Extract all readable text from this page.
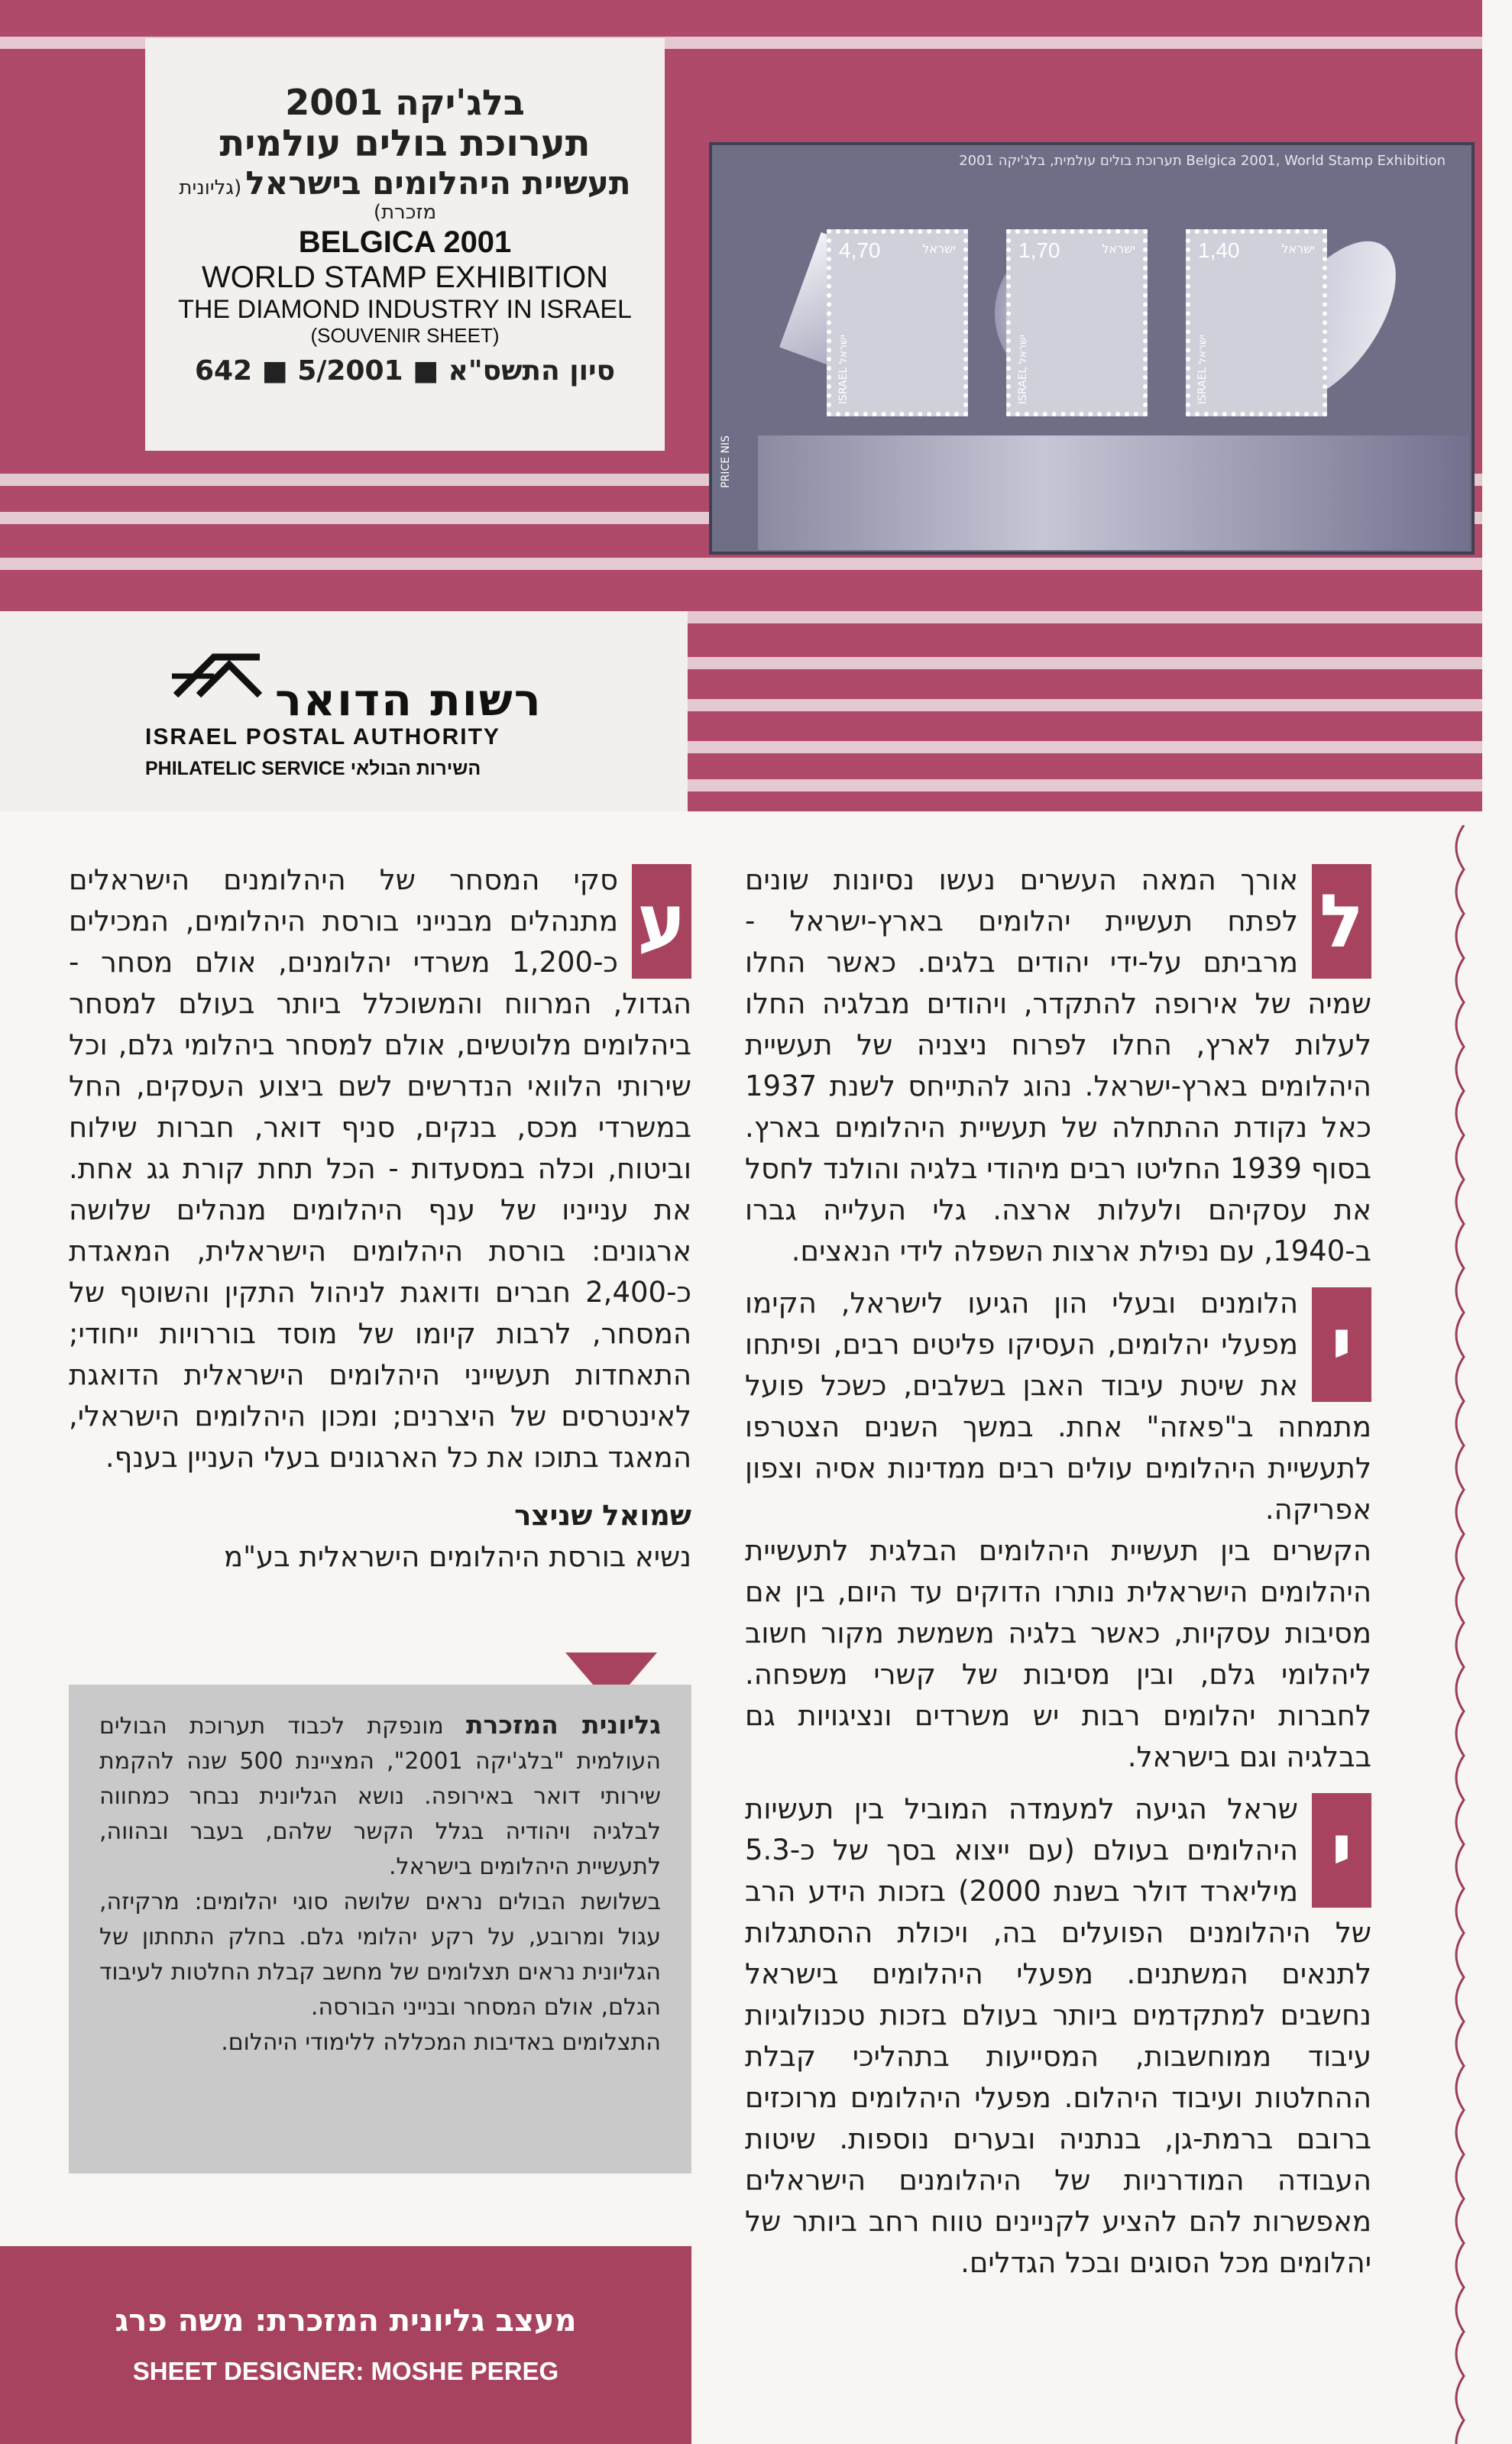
בלג'יקה 2001
תערוכת בולים עולמית
תעשיית היהלומים בישראל (גליונית מזכרת)
BELGICA 2001
WORLD STAMP EXHIBITION
THE DIAMOND INDUSTRY IN ISRAEL
(SOUVENIR SHEET)
סיון התשס"א ■ 5/2001 ■ 642
Belgica 2001, World Stamp Exhibition תערוכת בולים עולמית, בלג'יקה 2001
4,70	ישראל
ISRAEL ישראל
1,70	ישראל
ISRAEL ישראל
1,40	ישראל
ISRAEL ישראל
PRICE NIS
רשות הדואר
ISRAEL POSTAL AUTHORITY
PHILATELIC SERVICE השירות הבולאי

ל
אורך המאה העשרים נעשו נסיונות שונים לפתח תעשיית יהלומים בארץ-ישראל - מרביתם על-ידי יהודים בלגים. כאשר החלו שמיה של אירופה להתקדר, ויהודים מבלגיה החלו לעלות לארץ, החלו לפרוח ניצניה של תעשיית היהלומים בארץ-ישראל. נהוג להתייחס לשנת 1937 כאל נקודת ההתחלה של תעשיית היהלומים בארץ. בסוף 1939 החליטו רבים מיהודי בלגיה והולנד לחסל את עסקיהם ולעלות ארצה. גלי העלייה גברו ב-1940, עם נפילת ארצות השפלה לידי הנאצים.

י
הלומנים ובעלי הון הגיעו לישראל, הקימו מפעלי יהלומים, העסיקו פליטים רבים, ופיתחו את שיטת עיבוד האבן בשלבים, כשכל פועל מתמחה ב"פאזה" אחת. במשך השנים הצטרפו לתעשיית היהלומים עולים רבים ממדינות אסיה וצפון אפריקה.

הקשרים בין תעשיית היהלומים הבלגית לתעשיית היהלומים הישראלית נותרו הדוקים עד היום, בין אם מסיבות עסקיות, כאשר בלגיה משמשת מקור חשוב ליהלומי גלם, ובין מסיבות של קשרי משפחה. לחברות יהלומים רבות יש משרדים ונציגויות גם בבלגיה וגם בישראל.

י
שראל הגיעה למעמדה המוביל בין תעשיות היהלומים בעולם (עם ייצוא בסך של כ-5.3 מיליארד דולר בשנת 2000) בזכות הידע הרב של היהלומנים הפועלים בה, ויכולת ההסתגלות לתנאים המשתנים. מפעלי היהלומים בישראל נחשבים למתקדמים ביותר בעולם בזכות טכנולוגיות עיבוד ממוחשבות, המסייעות בתהליכי קבלת ההחלטות ועיבוד היהלום. מפעלי היהלומים מרוכזים ברובם ברמת-גן, בנתניה ובערים נוספות. שיטות העבודה המודרניות של היהלומנים הישראלים מאפשרות להם להציע לקניינים טווח רחב ביותר של יהלומים מכל הסוגים ובכל הגדלים.

ע
סקי המסחר של היהלומנים הישראלים מתנהלים מבנייני בורסת היהלומים, המכילים כ-1,200 משרדי יהלומנים, אולם מסחר - הגדול, המרווח והמשוכלל ביותר בעולם למסחר ביהלומים מלוטשים, אולם למסחר ביהלומי גלם, וכל שירותי הלוואי הנדרשים לשם ביצוע העסקים, החל במשרדי מכס, בנקים, סניף דואר, חברות שילוח וביטוח, וכלה במסעדות - הכל תחת קורת גג אחת. את ענייניו של ענף היהלומים מנהלים שלושה ארגונים: בורסת היהלומים הישראלית, המאגדת כ-2,400 חברים ודואגת לניהול התקין והשוטף של המסחר, לרבות קיומו של מוסד בוררויות ייחודי; התאחדות תעשייני היהלומים הישראלית הדואגת לאינטרסים של היצרנים; ומכון היהלומים הישראלי, המאגד בתוכו את כל הארגונים בעלי העניין בענף.

שמואל שניצר

נשיא בורסת היהלומים הישראלית בע"מ

גליונית המזכרת מונפקת לכבוד תערוכת הבולים העולמית "בלג'יקה 2001", המציינת 500 שנה להקמת שירותי דואר באירופה. נושא הגליונית נבחר כמחווה לבלגיה ויהודיה בגלל הקשר שלהם, בעבר ובהווה, לתעשיית היהלומים בישראל.

בשלושת הבולים נראים שלושה סוגי יהלומים: מרקיזה, עגול ומרובע, על רקע יהלומי גלם. בחלק התחתון של הגליונית נראים תצלומים של מחשב קבלת החלטות לעיבוד הגלם, אולם המסחר ובנייני הבורסה.

התצלומים באדיבות המכללה ללימודי היהלום.

מעצב גליונית המזכרת: משה פרג
SHEET DESIGNER: MOSHE PEREG
